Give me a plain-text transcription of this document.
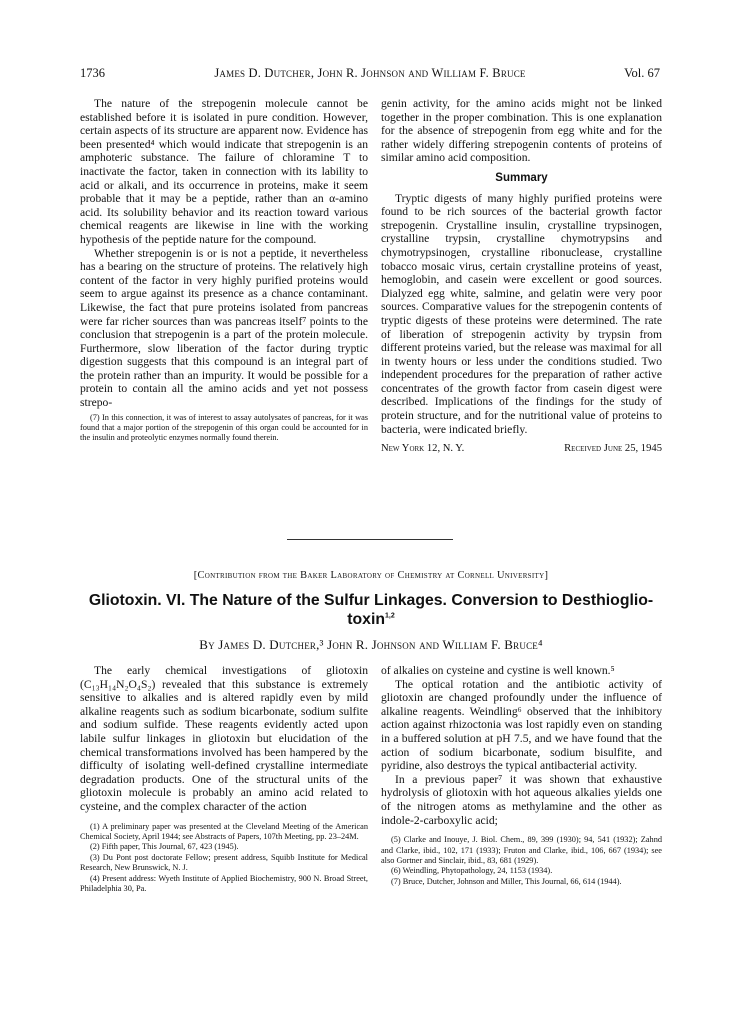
1736	James D. Dutcher, John R. Johnson and William F. Bruce	Vol. 67

The nature of the strepogenin molecule cannot be established before it is isolated in pure condition. However, certain aspects of its structure are apparent now. Evidence has been presented⁴ which would indicate that strepogenin is an amphoteric substance. The failure of chloramine T to inactivate the factor, taken in connection with its lability to acid or alkali, and its occurrence in proteins, make it seem probable that it may be a peptide, rather than an α-amino acid. Its solubility behavior and its reaction toward various chemical reagents are likewise in line with the working hypothesis of the peptide nature for the compound.

Whether strepogenin is or is not a peptide, it nevertheless has a bearing on the structure of proteins. The relatively high content of the factor in very highly purified proteins would seem to argue against its presence as a chance contaminant. Likewise, the fact that pure proteins isolated from pancreas were far richer sources than was pancreas itself⁷ points to the conclusion that strepogenin is a part of the protein molecule. Furthermore, slow liberation of the factor during tryptic digestion suggests that this compound is an integral part of the protein rather than an impurity. It would be possible for a protein to contain all the amino acids and yet not possess strepo-

(7) In this connection, it was of interest to assay autolysates of pancreas, for it was found that a major portion of the strepogenin of this organ could be accounted for in the insulin and proteolytic enzymes normally found therein.

genin activity, for the amino acids might not be linked together in the proper combination. This is one explanation for the absence of strepogenin from egg white and for the rather widely differing strepogenin contents of proteins of similar amino acid composition.

Summary

Tryptic digests of many highly purified proteins were found to be rich sources of the bacterial growth factor strepogenin. Crystalline insulin, crystalline trypsinogen, crystalline trypsin, crystalline chymotrypsins and chymotrypsinogen, crystalline ribonuclease, crystalline tobacco mosaic virus, certain crystalline proteins of yeast, hemoglobin, and casein were excellent or good sources. Dialyzed egg white, salmine, and gelatin were very poor sources. Comparative values for the strepogenin contents of tryptic digests of these proteins were determined. The rate of liberation of strepogenin activity by trypsin from different proteins varied, but the release was maximal for all in twenty hours or less under the conditions studied. Two independent procedures for the preparation of rather active concentrates of the growth factor from casein digest were described. Implications of the findings for the study of protein structure, and for the nutritional value of proteins to bacteria, were indicated briefly.

New York 12, N. Y.	Received June 25, 1945
[Contribution from the Baker Laboratory of Chemistry at Cornell University]
Gliotoxin. VI. The Nature of the Sulfur Linkages. Conversion to Desthioglio-
toxin$^{1,2}$
By James D. Dutcher,³ John R. Johnson and William F. Bruce⁴

The early chemical investigations of gliotoxin (C₁₃H₁₄N₂O₄S₂) revealed that this substance is extremely sensitive to alkalies and is altered rapidly even by mild alkaline reagents such as sodium bicarbonate, sodium sulfite and sodium sulfide. These reagents evidently acted upon labile sulfur linkages in gliotoxin but elucidation of the chemical transformations involved has been hampered by the difficulty of isolating well-defined crystalline intermediate degradation products. One of the structural units of the gliotoxin molecule is probably an amino acid related to cysteine, and the complex character of the action

(1) A preliminary paper was presented at the Cleveland Meeting of the American Chemical Society, April 1944; see Abstracts of Papers, 107th Meeting, pp. 23–24M.

(2) Fifth paper, This Journal, 67, 423 (1945).

(3) Du Pont post doctorate Fellow; present address, Squibb Institute for Medical Research, New Brunswick, N. J.

(4) Present address: Wyeth Institute of Applied Biochemistry, 900 N. Broad Street, Philadelphia 30, Pa.

of alkalies on cysteine and cystine is well known.⁵

The optical rotation and the antibiotic activity of gliotoxin are changed profoundly under the influence of alkaline reagents. Weindling⁶ observed that the inhibitory action against rhizoctonia was lost rapidly even on standing in a buffered solution at pH 7.5, and we have found that the action of sodium bicarbonate, sodium bisulfite, and pyridine, also destroys the typical antibacterial activity.

In a previous paper⁷ it was shown that exhaustive hydrolysis of gliotoxin with hot aqueous alkalies yields one of the nitrogen atoms as methylamine and the other as indole-2-carboxylic acid;

(5) Clarke and Inouye, J. Biol. Chem., 89, 399 (1930); 94, 541 (1932); Zahnd and Clarke, ibid., 102, 171 (1933); Fruton and Clarke, ibid., 106, 667 (1934); see also Gortner and Sinclair, ibid., 83, 681 (1929).

(6) Weindling, Phytopathology, 24, 1153 (1934).

(7) Bruce, Dutcher, Johnson and Miller, This Journal, 66, 614 (1944).
